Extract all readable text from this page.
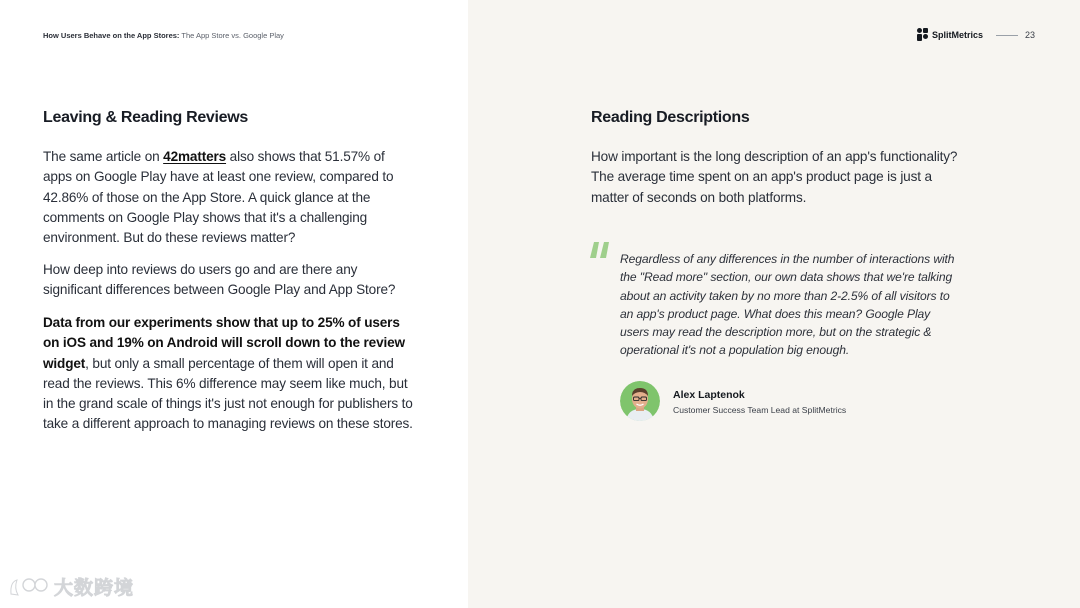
How Users Behave on the App Stores: The App Store vs. Google Play	SplitMetrics	23
Leaving & Reading Reviews

The same article on 42matters also shows that 51.57% of apps on Google Play have at least one review, compared to 42.86% of those on the App Store. A quick glance at the comments on Google Play shows that it's a challenging environment. But do these reviews matter?

How deep into reviews do users go and are there any significant differences between Google Play and App Store?

Data from our experiments show that up to 25% of users on iOS and 19% on Android will scroll down to the review widget, but only a small percentage of them will open it and read the reviews. This 6% difference may seem like much, but in the grand scale of things it's just not enough for publishers to take a different approach to managing reviews on these stores.

Reading Descriptions

How important is the long description of an app's functionality? The average time spent on an app's product page is just a matter of seconds on both platforms.

Regardless of any differences in the number of interactions with the "Read more" section, our own data shows that we're talking about an activity taken by no more than 2-2.5% of all visitors to an app's product page. What does this mean? Google Play users may read the description more, but on the strategic & operational it's not a population big enough.

Alex Laptenok
Customer Success Team Lead at SplitMetrics
大数跨境
